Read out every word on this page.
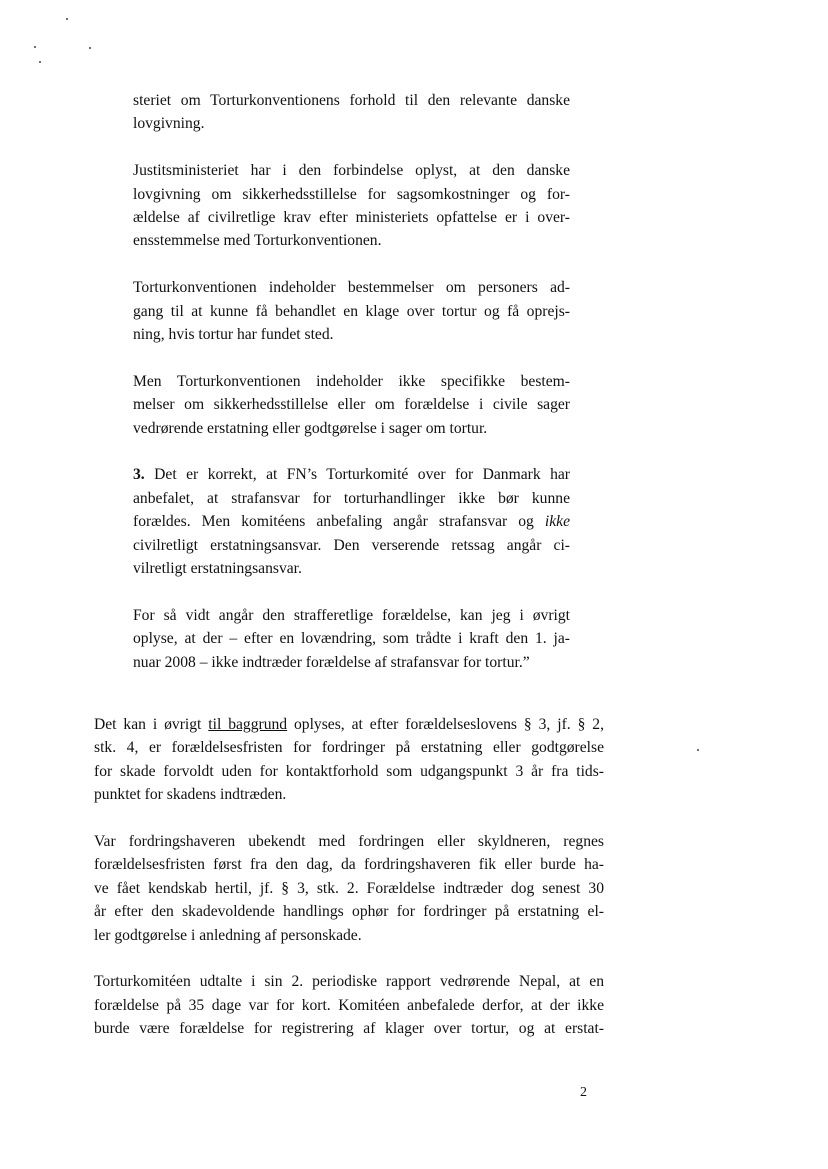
steriet om Torturkonventionens forhold til den relevante danske
lovgivning.

Justitsministeriet har i den forbindelse oplyst, at den danske
lovgivning om sikkerhedsstillelse for sagsomkostninger og for-
ældelse af civilretlige krav efter ministeriets opfattelse er i over-
ensstemmelse med Torturkonventionen.

Torturkonventionen indeholder bestemmelser om personers ad-
gang til at kunne få behandlet en klage over tortur og få oprejs-
ning, hvis tortur har fundet sted.

Men Torturkonventionen indeholder ikke specifikke bestem-
melser om sikkerhedsstillelse eller om forældelse i civile sager
vedrørende erstatning eller godtgørelse i sager om tortur.

3. Det er korrekt, at FN’s Torturkomité over for Danmark har
anbefalet, at strafansvar for torturhandlinger ikke bør kunne
forældes. Men komitéens anbefaling angår strafansvar og ikke
civilretligt erstatningsansvar. Den verserende retssag angår ci-
vilretligt erstatningsansvar.

For så vidt angår den strafferetlige forældelse, kan jeg i øvrigt
oplyse, at der – efter en lovændring, som trådte i kraft den 1. ja-
nuar 2008 – ikke indtræder forældelse af strafansvar for tortur.”

Det kan i øvrigt til baggrund oplyses, at efter forældelseslovens § 3, jf. § 2,
stk. 4, er forældelsesfristen for fordringer på erstatning eller godtgørelse
for skade forvoldt uden for kontaktforhold som udgangspunkt 3 år fra tids-
punktet for skadens indtræden.

Var fordringshaveren ubekendt med fordringen eller skyldneren, regnes
forældelsesfristen først fra den dag, da fordringshaveren fik eller burde ha-
ve fået kendskab hertil, jf. § 3, stk. 2. Forældelse indtræder dog senest 30
år efter den skadevoldende handlings ophør for fordringer på erstatning el-
ler godtgørelse i anledning af personskade.

Torturkomitéen udtalte i sin 2. periodiske rapport vedrørende Nepal, at en
forældelse på 35 dage var for kort. Komitéen anbefalede derfor, at der ikke
burde være forældelse for registrering af klager over tortur, og at erstat-

2
